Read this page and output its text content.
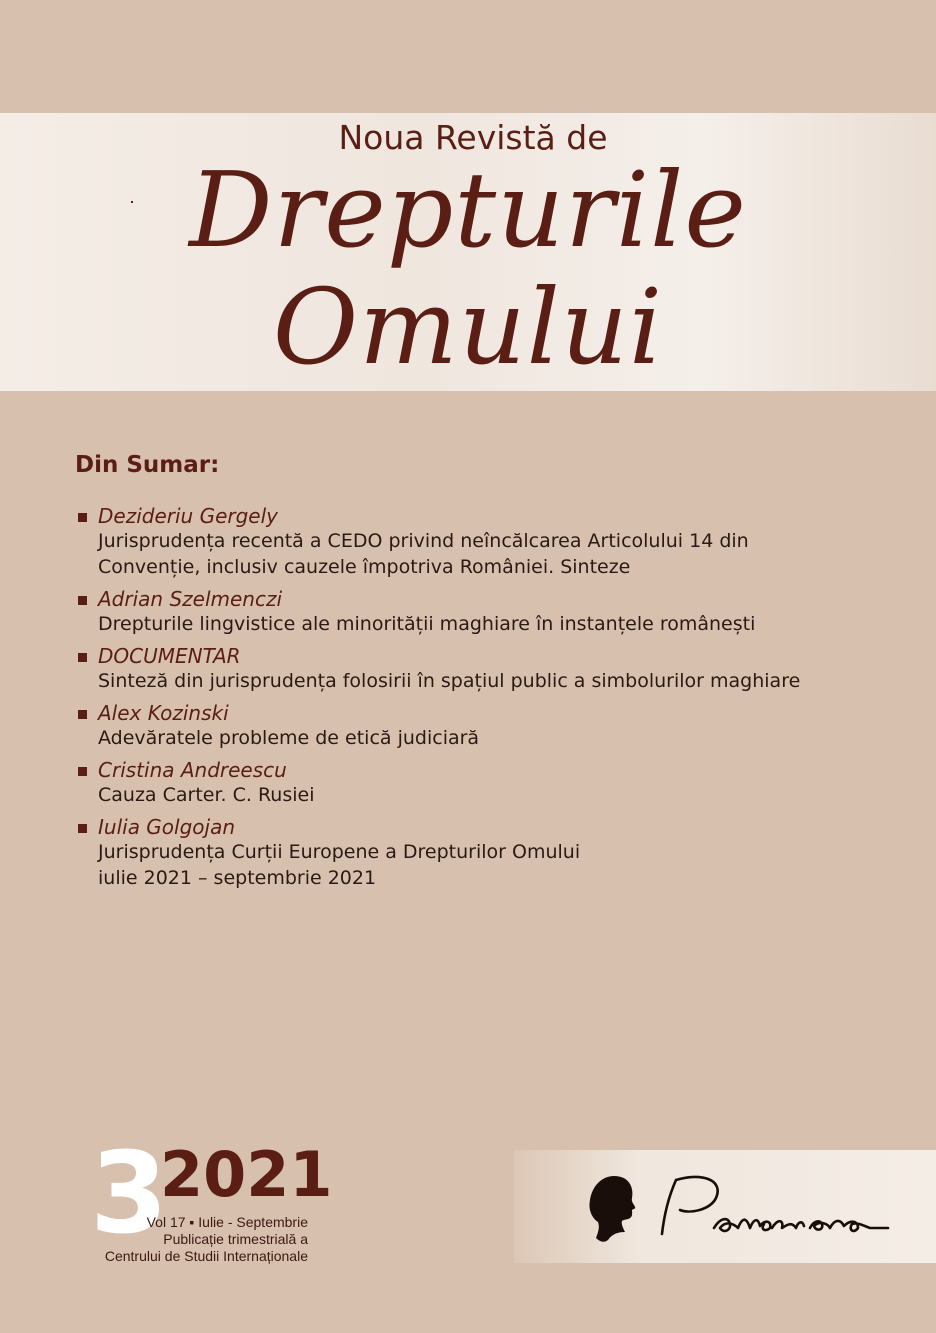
Noua Revistă de
Drepturile
Omului
Din Sumar:
Dezideriu Gergely
Jurisprudența recentă a CEDO privind neîncălcarea Articolului 14 din
Convenție, inclusiv cauzele împotriva României. Sinteze
Adrian Szelmenczi
Drepturile lingvistice ale minorității maghiare în instanțele românești
DOCUMENTAR
Sinteză din jurisprudența folosirii în spațiul public a simbolurilor maghiare
Alex Kozinski
Adevăratele probleme de etică judiciară
Cristina Andreescu
Cauza Carter. C. Rusiei
Iulia Golgojan
Jurisprudența Curții Europene a Drepturilor Omului
iulie 2021 – septembrie 2021
3
2021
Vol 17 ▪ Iulie - Septembrie
Publicație trimestrială a
Centrului de Studii Internaționale
